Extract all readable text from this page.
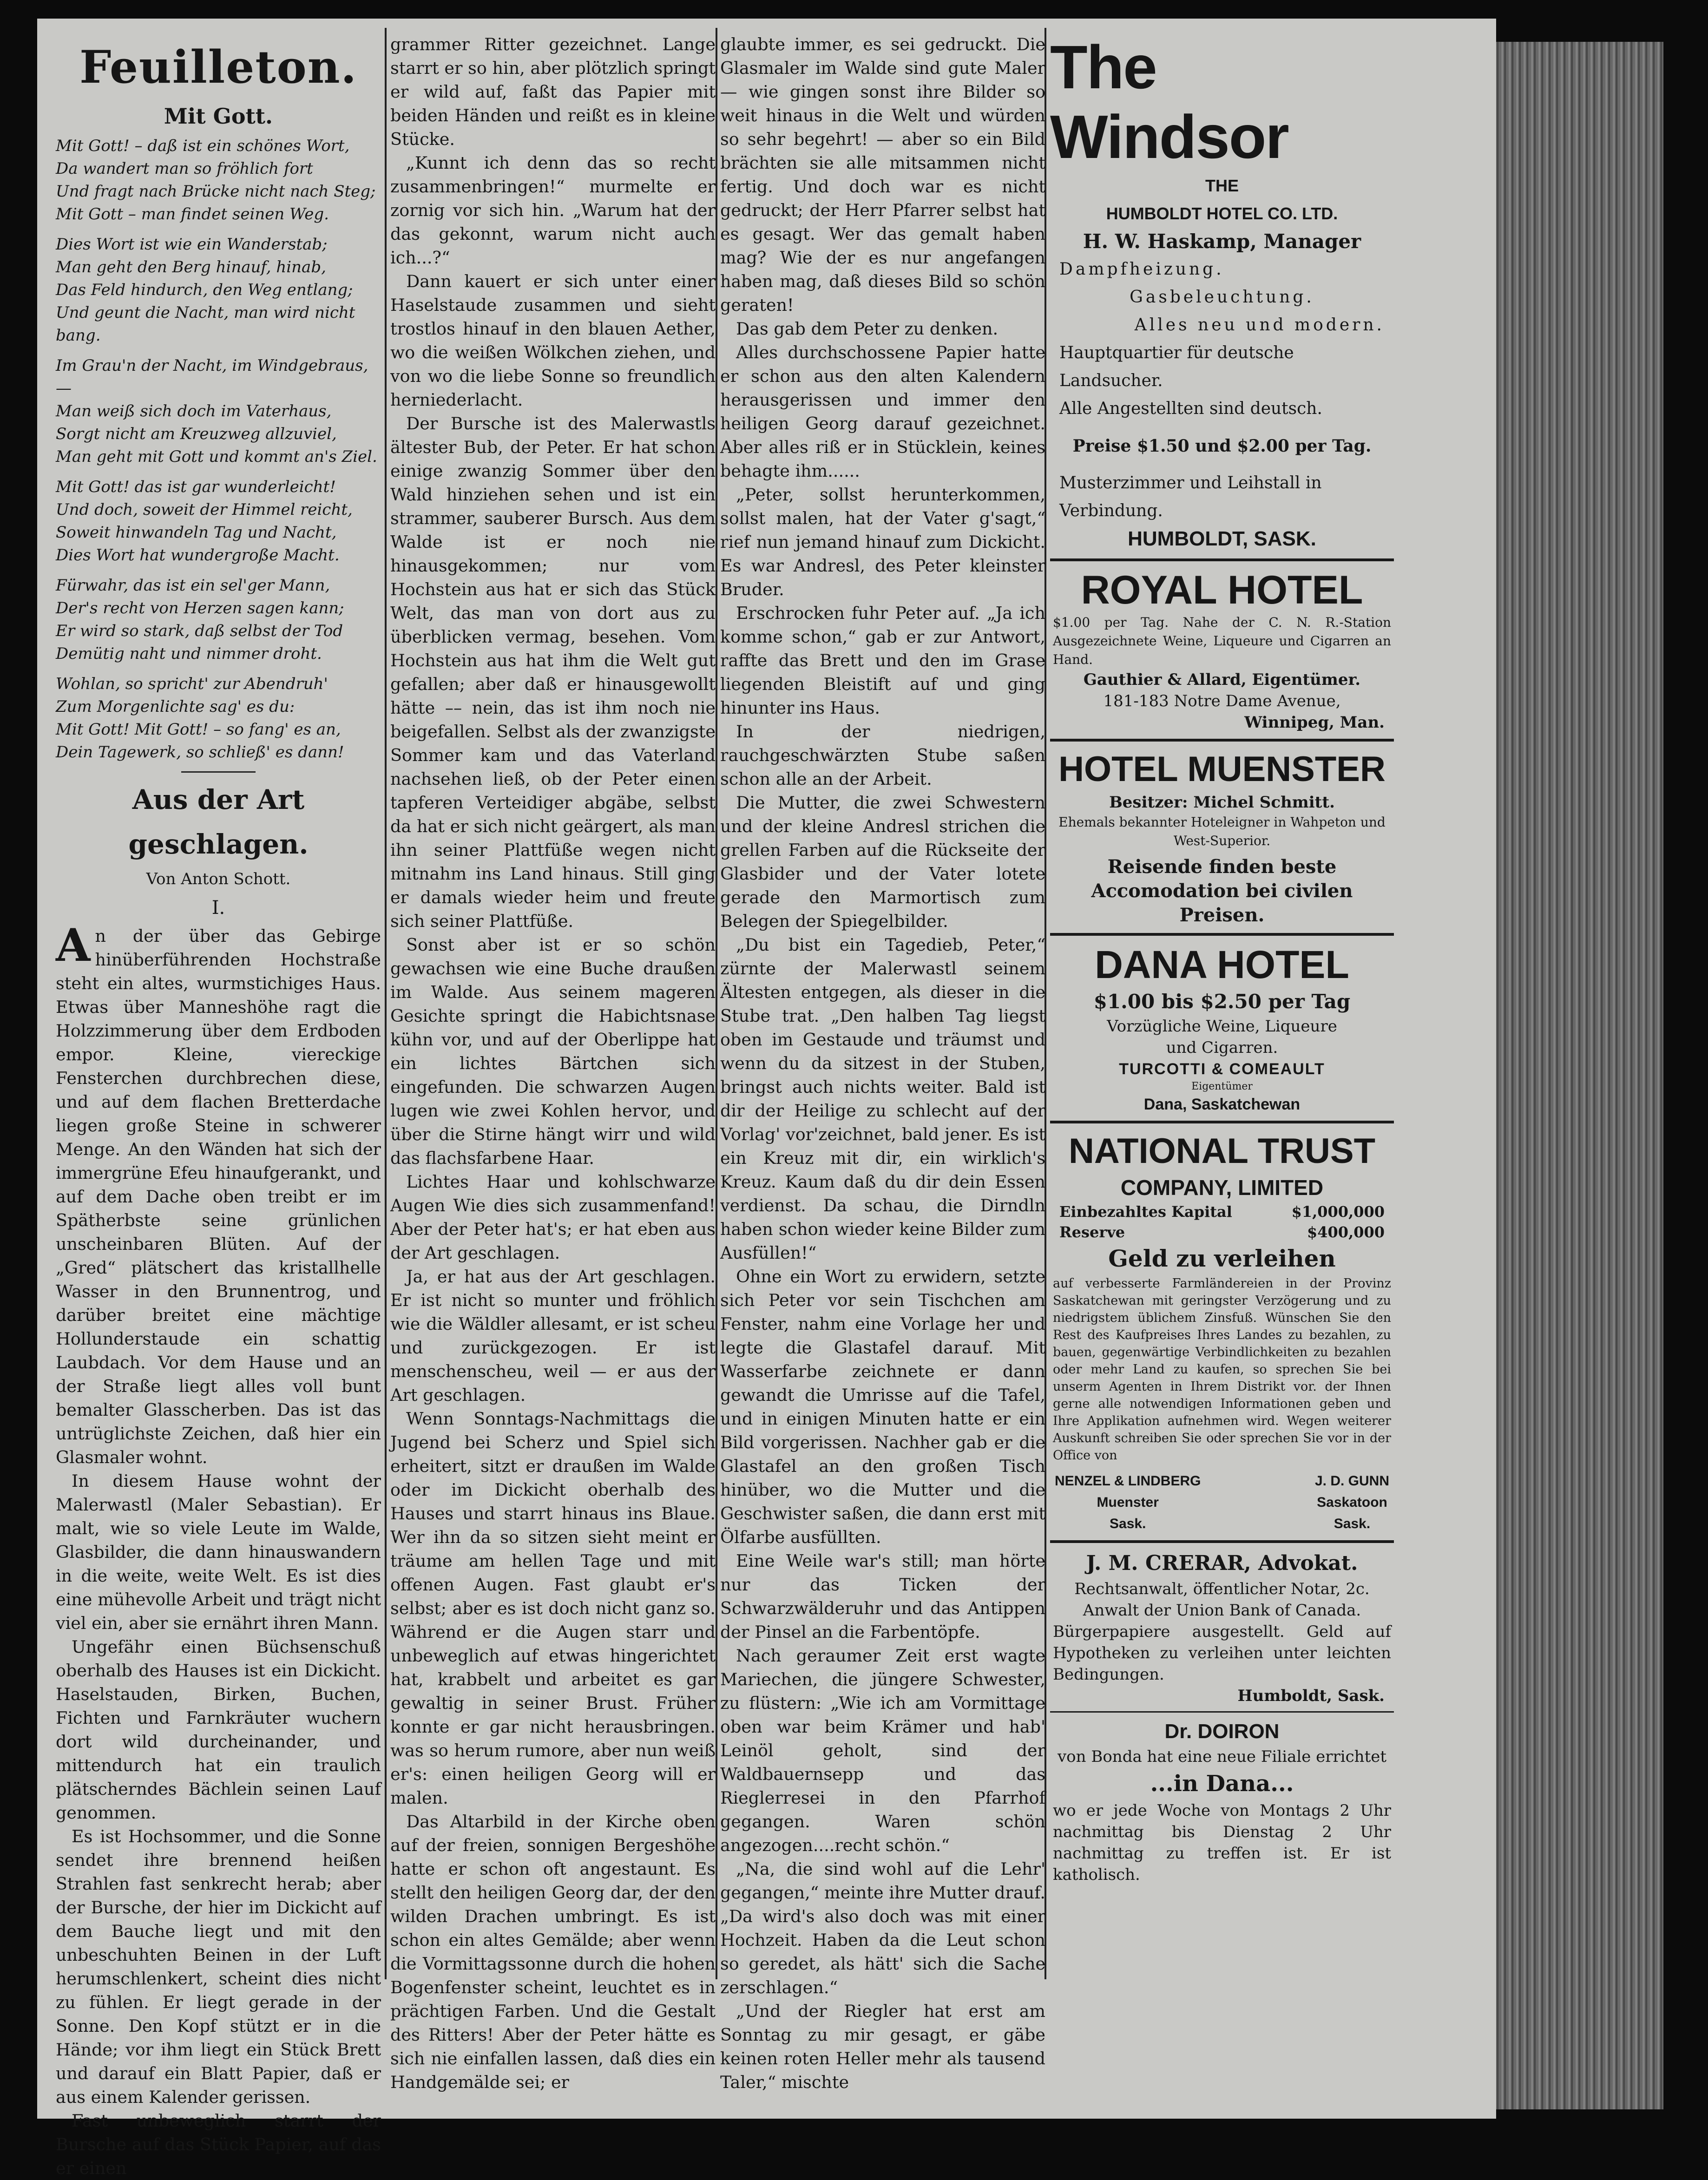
Feuilleton.
Mit Gott.

Mit Gott! – daß ist ein schönes Wort,
Da wandert man so fröhlich fort
Und fragt nach Brücke nicht nach Steg;
Mit Gott – man findet seinen Weg.

Dies Wort ist wie ein Wanderstab;
Man geht den Berg hinauf, hinab,
Das Feld hindurch, den Weg entlang;
Und geunt die Nacht, man wird nicht bang.

Im Grau'n der Nacht, im Windgebraus, —
Man weiß sich doch im Vaterhaus,
Sorgt nicht am Kreuzweg allzuviel,
Man geht mit Gott und kommt an's Ziel.

Mit Gott! das ist gar wunderleicht!
Und doch, soweit der Himmel reicht,
Soweit hinwandeln Tag und Nacht,
Dies Wort hat wundergroße Macht.

Fürwahr, das ist ein sel'ger Mann,
Der's recht von Herzen sagen kann;
Er wird so stark, daß selbst der Tod
Demütig naht und nimmer droht.

Wohlan, so spricht' zur Abendruh'
Zum Morgenlichte sag' es du:
Mit Gott! Mit Gott! – so fang' es an,
Dein Tagewerk, so schließ' es dann!

Aus der Art geschlagen.
Von Anton Schott.
I.

An der über das Gebirge hinüberführenden Hochstraße steht ein altes, wurmstichiges Haus. Etwas über Manneshöhe ragt die Holzzimmerung über dem Erdboden empor. Kleine, viereckige Fensterchen durchbrechen diese, und auf dem flachen Bretterdache liegen große Steine in schwerer Menge. An den Wänden hat sich der immergrüne Efeu hinaufgerankt, und auf dem Dache oben treibt er im Spätherbste seine grünlichen unscheinbaren Blüten. Auf der „Gred“ plätschert das kristallhelle Wasser in den Brunnentrog, und darüber breitet eine mächtige Hollunderstaude ein schattig Laubdach. Vor dem Hause und an der Straße liegt alles voll bunt bemalter Glasscherben. Das ist das untrüglichste Zeichen, daß hier ein Glasmaler wohnt.

In diesem Hause wohnt der Malerwastl (Maler Sebastian). Er malt, wie so viele Leute im Walde, Glasbilder, die dann hinauswandern in die weite, weite Welt. Es ist dies eine mühevolle Arbeit und trägt nicht viel ein, aber sie ernährt ihren Mann.

Ungefähr einen Büchsenschuß oberhalb des Hauses ist ein Dickicht. Haselstauden, Birken, Buchen, Fichten und Farnkräuter wuchern dort wild durcheinander, und mittendurch hat ein traulich plätscherndes Bächlein seinen Lauf genommen.

Es ist Hochsommer, und die Sonne sendet ihre brennend heißen Strahlen fast senkrecht herab; aber der Bursche, der hier im Dickicht auf dem Bauche liegt und mit den unbeschuhten Beinen in der Luft herumschlenkert, scheint dies nicht zu fühlen. Er liegt gerade in der Sonne. Den Kopf stützt er in die Hände; vor ihm liegt ein Stück Brett und darauf ein Blatt Papier, daß er aus einem Kalender gerissen.

Fast unbeweglich starrt der Bursche auf das Stück Papier, auf das er einen

grammer Ritter gezeichnet. Lange starrt er so hin, aber plötzlich springt er wild auf, faßt das Papier mit beiden Händen und reißt es in kleine Stücke.

„Kunnt ich denn das so recht zusammenbringen!“ murmelte er zornig vor sich hin. „Warum hat der das gekonnt, warum nicht auch ich...?“

Dann kauert er sich unter einer Haselstaude zusammen und sieht trostlos hinauf in den blauen Aether, wo die weißen Wölkchen ziehen, und von wo die liebe Sonne so freundlich herniederlacht.

Der Bursche ist des Malerwastls ältester Bub, der Peter. Er hat schon einige zwanzig Sommer über den Wald hinziehen sehen und ist ein strammer, sauberer Bursch. Aus dem Walde ist er noch nie hinausgekommen; nur vom Hochstein aus hat er sich das Stück Welt, das man von dort aus zu überblicken vermag, besehen. Vom Hochstein aus hat ihm die Welt gut gefallen; aber daß er hinausgewollt hätte –– nein, das ist ihm noch nie beigefallen. Selbst als der zwanzigste Sommer kam und das Vaterland nachsehen ließ, ob der Peter einen tapferen Verteidiger abgäbe, selbst da hat er sich nicht geärgert, als man ihn seiner Plattfüße wegen nicht mitnahm ins Land hinaus. Still ging er damals wieder heim und freute sich seiner Plattfüße.

Sonst aber ist er so schön gewachsen wie eine Buche draußen im Walde. Aus seinem mageren Gesichte springt die Habichtsnase kühn vor, und auf der Oberlippe hat ein lichtes Bärtchen sich eingefunden. Die schwarzen Augen lugen wie zwei Kohlen hervor, und über die Stirne hängt wirr und wild das flachsfarbene Haar.

Lichtes Haar und kohlschwarze Augen Wie dies sich zusammenfand! Aber der Peter hat's; er hat eben aus der Art geschlagen.

Ja, er hat aus der Art geschlagen. Er ist nicht so munter und fröhlich wie die Wäldler allesamt, er ist scheu und zurückgezogen. Er ist menschenscheu, weil — er aus der Art geschlagen.

Wenn Sonntags-Nachmittags die Jugend bei Scherz und Spiel sich erheitert, sitzt er draußen im Walde oder im Dickicht oberhalb des Hauses und starrt hinaus ins Blaue. Wer ihn da so sitzen sieht meint er träume am hellen Tage und mit offenen Augen. Fast glaubt er's selbst; aber es ist doch nicht ganz so. Während er die Augen starr und unbeweglich auf etwas hingerichtet hat, krabbelt und arbeitet es gar gewaltig in seiner Brust. Früher konnte er gar nicht herausbringen. was so herum rumore, aber nun weiß er's: einen heiligen Georg will er malen.

Das Altarbild in der Kirche oben auf der freien, sonnigen Bergeshöhe hatte er schon oft angestaunt. Es stellt den heiligen Georg dar, der den wilden Drachen umbringt. Es ist schon ein altes Gemälde; aber wenn die Vormittagssonne durch die hohen Bogenfenster scheint, leuchtet es in prächtigen Farben. Und die Gestalt des Ritters! Aber der Peter hätte es sich nie einfallen lassen, daß dies ein Handgemälde sei; er

glaubte immer, es sei gedruckt. Die Glasmaler im Walde sind gute Maler — wie gingen sonst ihre Bilder so weit hinaus in die Welt und würden so sehr begehrt! — aber so ein Bild brächten sie alle mitsammen nicht fertig. Und doch war es nicht gedruckt; der Herr Pfarrer selbst hat es gesagt. Wer das gemalt haben mag? Wie der es nur angefangen haben mag, daß dieses Bild so schön geraten!

Das gab dem Peter zu denken.

Alles durchschossene Papier hatte er schon aus den alten Kalendern herausgerissen und immer den heiligen Georg darauf gezeichnet. Aber alles riß er in Stücklein, keines behagte ihm......

„Peter, sollst herunterkommen, sollst malen, hat der Vater g'sagt,“ rief nun jemand hinauf zum Dickicht. Es war Andresl, des Peter kleinster Bruder.

Erschrocken fuhr Peter auf. „Ja ich komme schon,“ gab er zur Antwort, raffte das Brett und den im Grase liegenden Bleistift auf und ging hinunter ins Haus.

In der niedrigen, rauchgeschwärzten Stube saßen schon alle an der Arbeit.

Die Mutter, die zwei Schwestern und der kleine Andresl strichen die grellen Farben auf die Rückseite der Glasbider und der Vater lotete gerade den Marmortisch zum Belegen der Spiegelbilder.

„Du bist ein Tagedieb, Peter,“ zürnte der Malerwastl seinem Ältesten entgegen, als dieser in die Stube trat. „Den halben Tag liegst oben im Gestaude und träumst und wenn du da sitzest in der Stuben, bringst auch nichts weiter. Bald ist dir der Heilige zu schlecht auf der Vorlag' vor'zeichnet, bald jener. Es ist ein Kreuz mit dir, ein wirklich's Kreuz. Kaum daß du dir dein Essen verdienst. Da schau, die Dirndln haben schon wieder keine Bilder zum Ausfüllen!“

Ohne ein Wort zu erwidern, setzte sich Peter vor sein Tischchen am Fenster, nahm eine Vorlage her und legte die Glastafel darauf. Mit Wasserfarbe zeichnete er dann gewandt die Umrisse auf die Tafel, und in einigen Minuten hatte er ein Bild vorgerissen. Nachher gab er die Glastafel an den großen Tisch hinüber, wo die Mutter und die Geschwister saßen, die dann erst mit Ölfarbe ausfüllten.

Eine Weile war's still; man hörte nur das Ticken der Schwarzwälderuhr und das Antippen der Pinsel an die Farbentöpfe.

Nach geraumer Zeit erst wagte Mariechen, die jüngere Schwester, zu flüstern: „Wie ich am Vormittage oben war beim Krämer und hab' Leinöl geholt, sind der Waldbauernsepp und das Rieglerresei in den Pfarrhof gegangen. Waren schön angezogen....recht schön.“

„Na, die sind wohl auf die Lehr' gegangen,“ meinte ihre Mutter drauf. „Da wird's also doch was mit einer Hochzeit. Haben da die Leut schon so geredet, als hätt' sich die Sache zerschlagen.“

„Und der Riegler hat erst am Sonntag zu mir gesagt, er gäbe keinen roten Heller mehr als tausend Taler,“ mischte

The Windsor

THE

HUMBOLDT HOTEL CO. LTD.

H. W. Haskamp, Manager

Dampfheizung.

Gasbeleuchtung.

Alles neu und modern.

Hauptquartier für deutsche Landsucher.

Alle Angestellten sind deutsch.

Preise $1.50 und $2.00 per Tag.

Musterzimmer und Leihstall in Verbindung.

HUMBOLDT, SASK.

ROYAL HOTEL

$1.00 per Tag. Nahe der C. N. R.-Station Ausgezeichnete Weine, Liqueure und Cigarren an Hand.

Gauthier & Allard, Eigentümer.

181-183 Notre Dame Avenue,

Winnipeg, Man.

HOTEL MUENSTER

Besitzer: Michel Schmitt.

Ehemals bekannter Hoteleigner in Wahpeton und West-Superior.

Reisende finden beste Accomodation bei civilen Preisen.

DANA HOTEL

$1.00 bis $2.50 per Tag

Vorzügliche Weine, Liqueure

und Cigarren.

TURCOTTI & COMEAULT

Eigentümer

Dana, Saskatchewan

NATIONAL TRUST

COMPANY, LIMITED

Einbezahltes Kapital	$1,000,000
Reserve	$400,000

Geld zu verleihen

auf verbesserte Farmländereien in der Provinz Saskatchewan mit geringster Verzögerung und zu niedrigstem üblichem Zinsfuß. Wünschen Sie den Rest des Kaufpreises Ihres Landes zu bezahlen, zu bauen, gegenwärtige Verbindlichkeiten zu bezahlen oder mehr Land zu kaufen, so sprechen Sie bei unserm Agenten in Ihrem Distrikt vor. der Ihnen gerne alle notwendigen Informationen geben und Ihre Applikation aufnehmen wird. Wegen weiterer Auskunft schreiben Sie oder sprechen Sie vor in der Office von

NENZEL & LINDBERG

Muenster

Sask.

J. D. GUNN

Saskatoon

Sask.

J. M. CRERAR, Advokat.

Rechtsanwalt, öffentlicher Notar, 2c.

Anwalt der Union Bank of Canada.

Bürgerpapiere ausgestellt. Geld auf Hypotheken zu verleihen unter leichten Bedingungen.

Humboldt, Sask.

Dr. DOIRON

von Bonda hat eine neue Filiale errichtet

...in Dana...

wo er jede Woche von Montags 2 Uhr nachmittag bis Dienstag 2 Uhr nachmittag zu treffen ist. Er ist katholisch.
